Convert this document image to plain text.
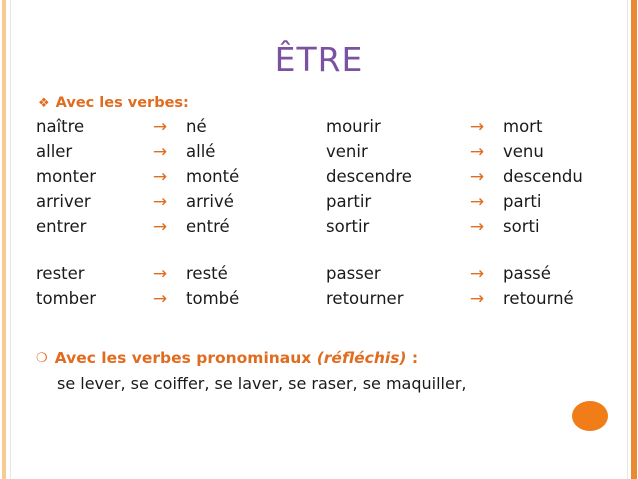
ÊTRE
❖ Avec les verbes:
naître	→	né	mourir	→	mort
aller	→	allé	venir	→	venu
monter	→	monté	descendre	→	descendu
arriver	→	arrivé	partir	→	parti
entrer	→	entré	sortir	→	sorti

rester	→	resté	passer	→	passé
tomber	→	tombé	retourner	→	retourné
❍ Avec les verbes pronominaux (réfléchis) :
se lever, se coiffer, se laver, se raser, se maquiller,
